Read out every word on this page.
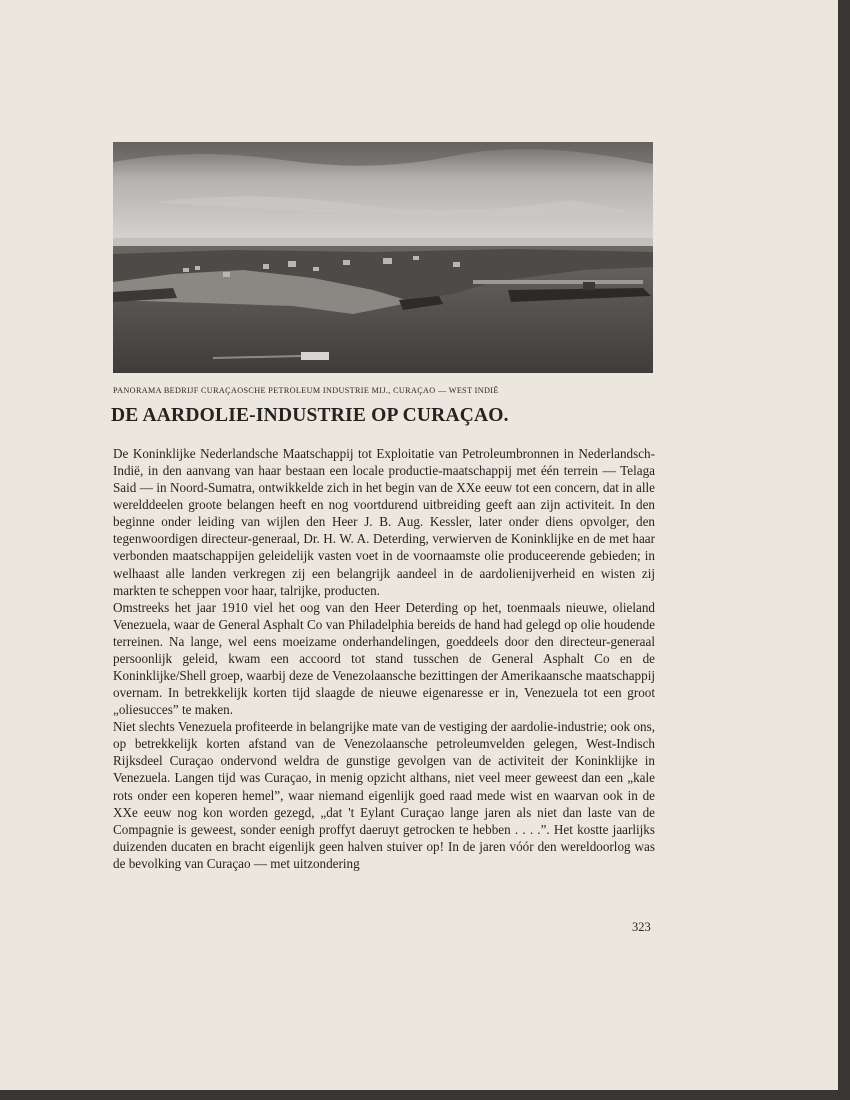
PANORAMA BEDRIJF CURAÇAOSCHE PETROLEUM INDUSTRIE MIJ., CURAÇAO — WEST INDIË
DE AARDOLIE-INDUSTRIE OP CURAÇAO.

De Koninklijke Nederlandsche Maatschappij tot Exploitatie van Petroleumbronnen in Nederlandsch-Indië, in den aanvang van haar bestaan een locale productie-maatschappij met één terrein — Telaga Said — in Noord-Sumatra, ontwikkelde zich in het begin van de XXe eeuw tot een concern, dat in alle werelddeelen groote belangen heeft en nog voortdurend uitbreiding geeft aan zijn activiteit. In den beginne onder leiding van wijlen den Heer J. B. Aug. Kessler, later onder diens opvolger, den tegenwoordigen directeur-generaal, Dr. H. W. A. Deterding, verwierven de Koninklijke en de met haar verbonden maatschappijen geleidelijk vasten voet in de voornaamste olie produceerende gebieden; in welhaast alle landen verkregen zij een belangrijk aandeel in de aardolienijverheid en wisten zij markten te scheppen voor haar, talrijke, producten.

Omstreeks het jaar 1910 viel het oog van den Heer Deterding op het, toenmaals nieuwe, olieland Venezuela, waar de General Asphalt Co van Philadelphia bereids de hand had gelegd op olie houdende terreinen. Na lange, wel eens moeizame onderhandelingen, goeddeels door den directeur-generaal persoonlijk geleid, kwam een accoord tot stand tusschen de General Asphalt Co en de Koninklijke/Shell groep, waarbij deze de Venezolaansche bezittingen der Amerikaansche maatschappij overnam. In betrekkelijk korten tijd slaagde de nieuwe eigenaresse er in, Venezuela tot een groot „oliesucces” te maken.

Niet slechts Venezuela profiteerde in belangrijke mate van de vestiging der aardolie-industrie; ook ons, op betrekkelijk korten afstand van de Venezolaansche petroleumvelden gelegen, West-Indisch Rijksdeel Curaçao ondervond weldra de gunstige gevolgen van de activiteit der Koninklijke in Venezuela. Langen tijd was Curaçao, in menig opzicht althans, niet veel meer geweest dan een „kale rots onder een koperen hemel”, waar niemand eigenlijk goed raad mede wist en waarvan ook in de XXe eeuw nog kon worden gezegd, „dat 't Eylant Curaçao lange jaren als niet dan laste van de Compagnie is geweest, sonder eenigh proffyt daeruyt getrocken te hebben . . . .”. Het kostte jaarlijks duizenden ducaten en bracht eigenlijk geen halven stuiver op! In de jaren vóór den wereldoorlog was de bevolking van Curaçao — met uitzondering

323
